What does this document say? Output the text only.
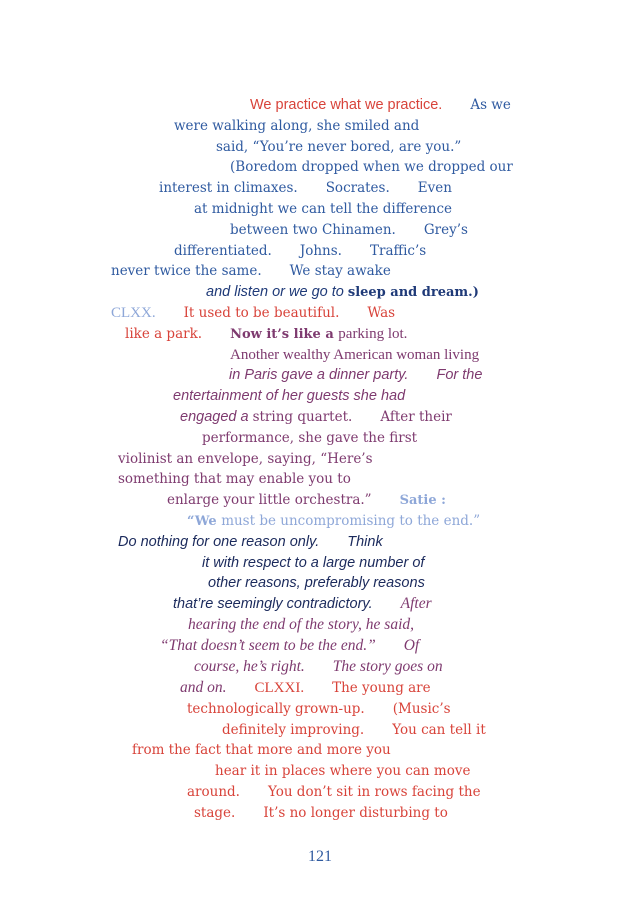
We practice what we practice. As we
were walking along, she smiled and
said, “You’re never bored, are you.”
(Boredom dropped when we dropped our
interest in climaxes. Socrates. Even
at midnight we can tell the difference
between two Chinamen. Grey’s
differentiated. Johns. Traffic’s
never twice the same. We stay awake
and listen or we go to sleep and dream.)
CLXX. It used to be beautiful. Was
like a park. Now it’s like a parking lot.
Another wealthy American woman living
in Paris gave a dinner party. For the
entertainment of her guests she had
engaged a string quartet. After their
performance, she gave the first
violinist an envelope, saying, “Here’s
something that may enable you to
enlarge your little orchestra.” Satie :
“We must be uncompromising to the end.”
Do nothing for one reason only. Think
it with respect to a large number of
other reasons, preferably reasons
that’re seemingly contradictory. After
hearing the end of the story, he said,
“That doesn’t seem to be the end.” Of
course, he’s right. The story goes on
and on. CLXXI. The young are
technologically grown-up. (Music’s
definitely improving. You can tell it
from the fact that more and more you
hear it in places where you can move
around. You don’t sit in rows facing the
stage. It’s no longer disturbing to
121
